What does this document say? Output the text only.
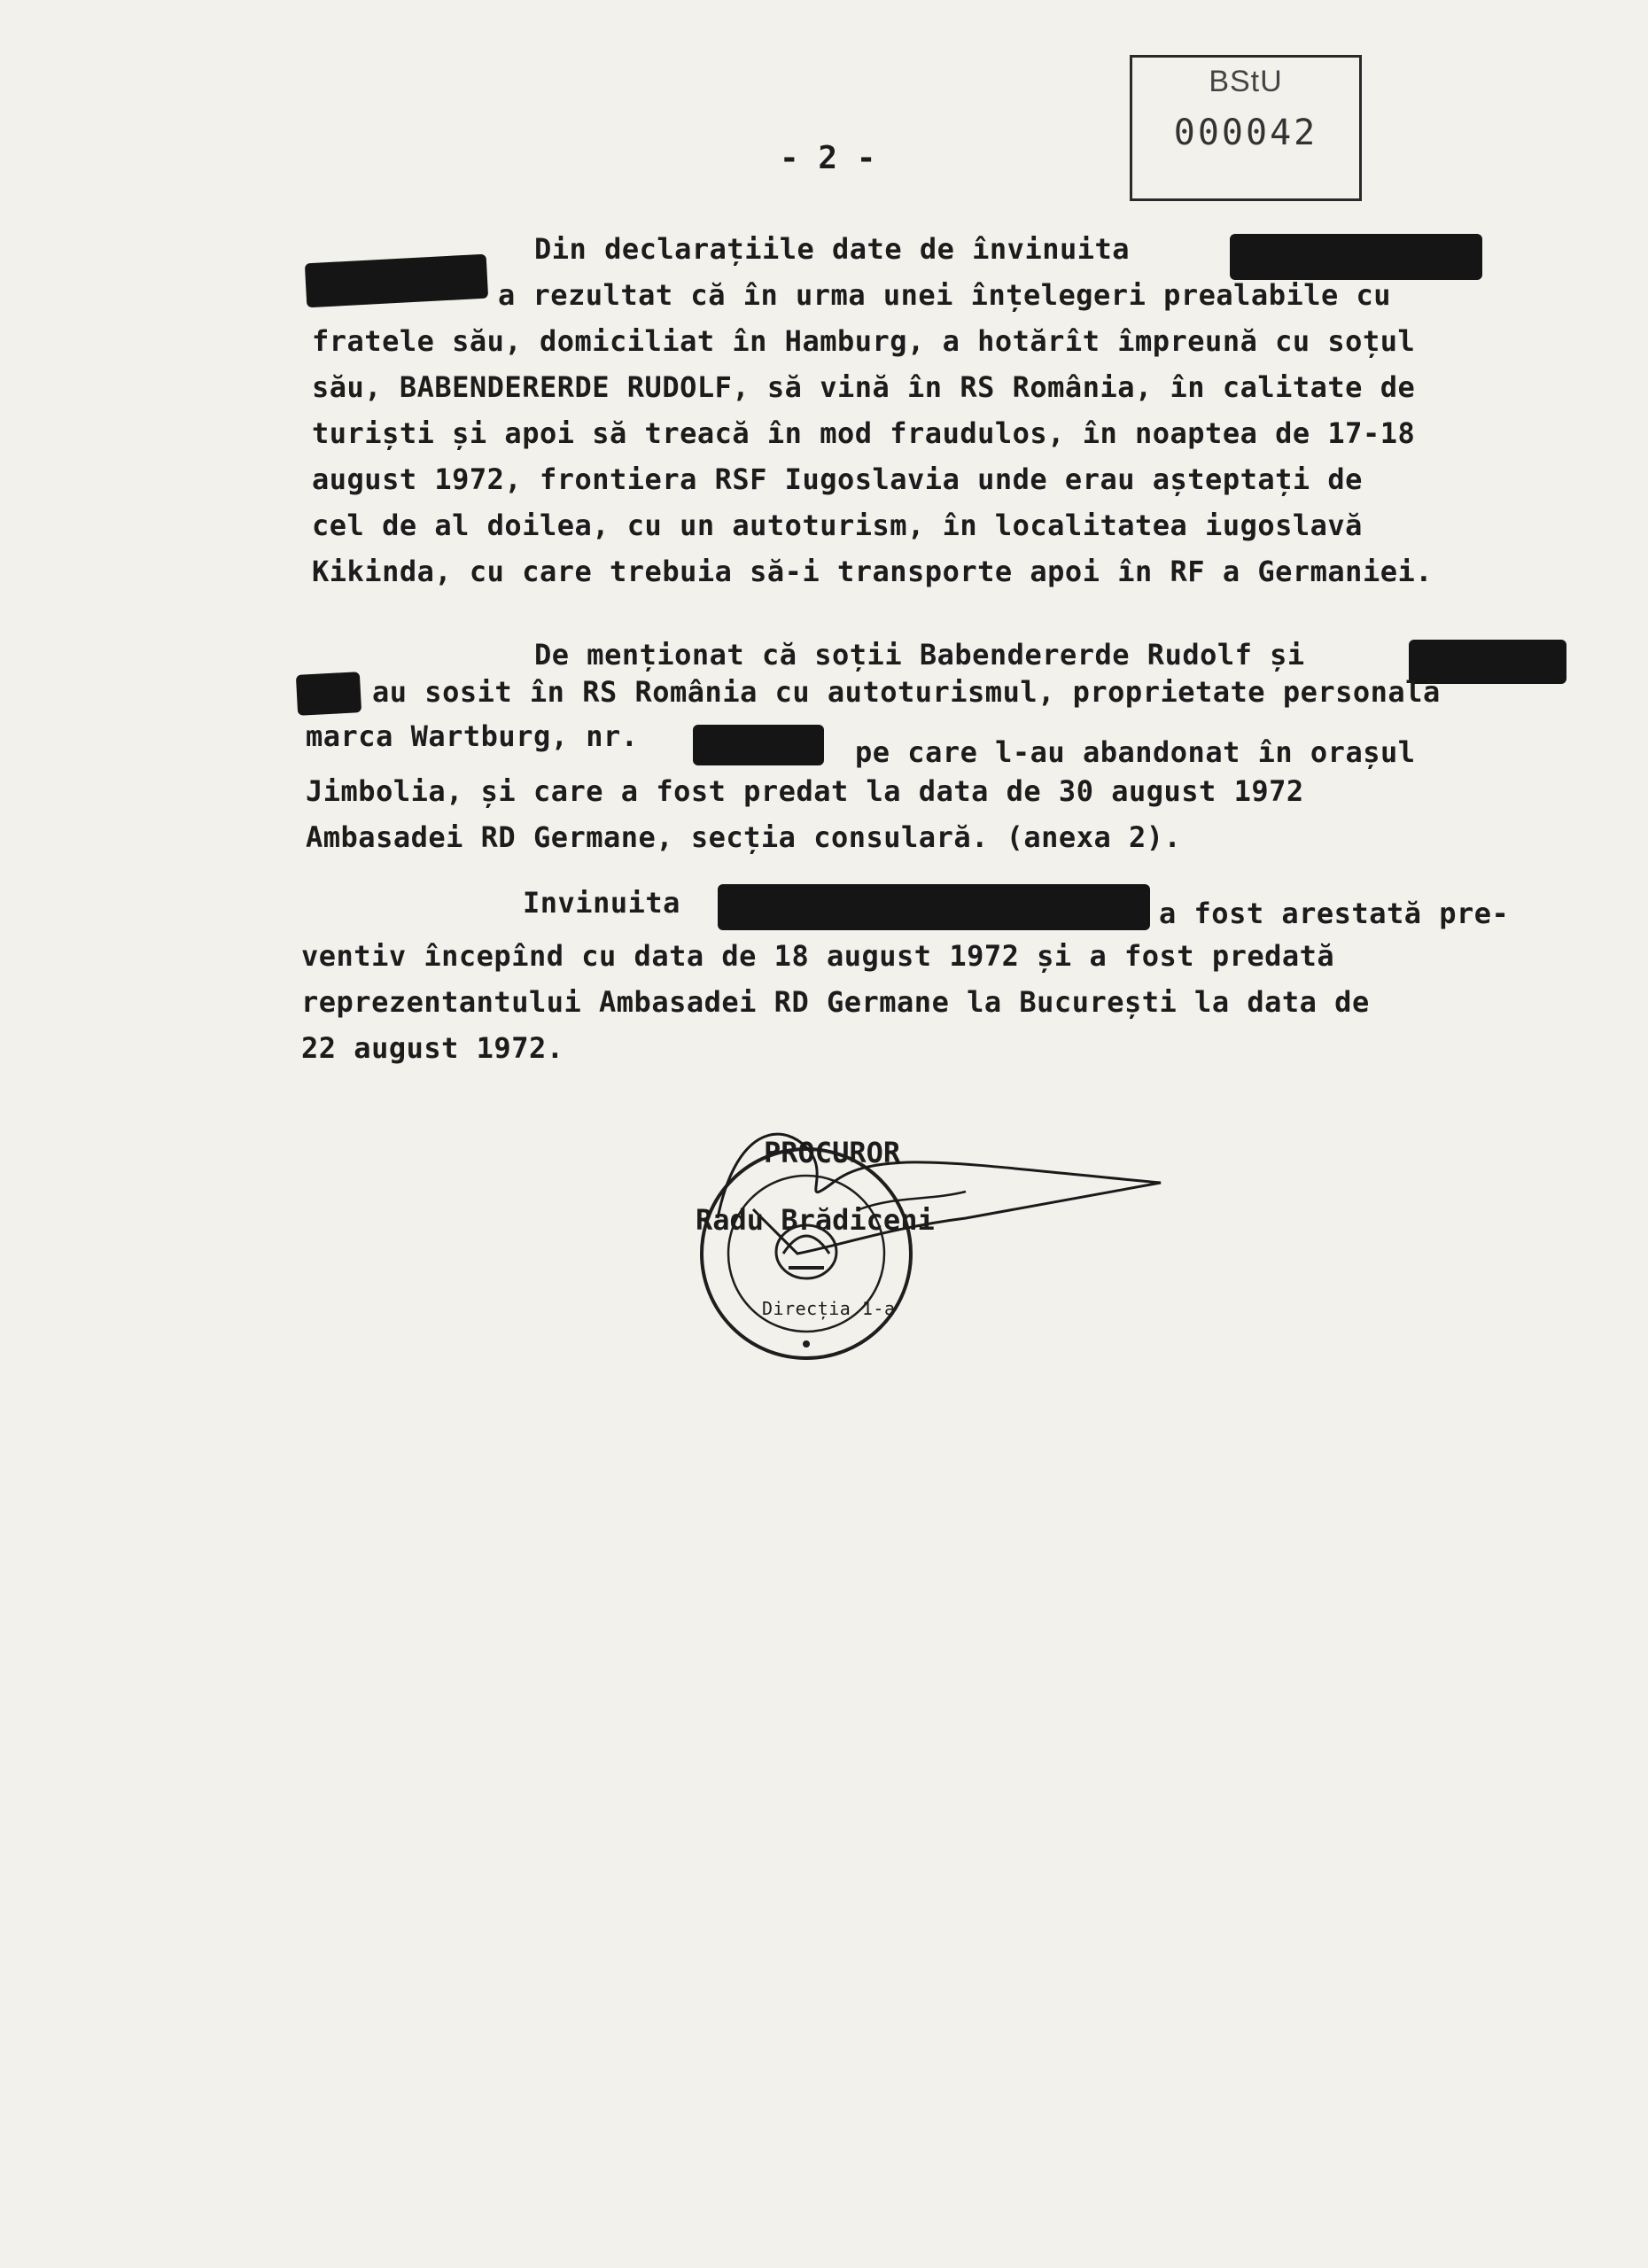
BStU
000042
- 2 -
Din declarațiile date de învinuita
a rezultat că în urma unei înțelegeri prealabile cu
fratele său, domiciliat în Hamburg, a hotărît împreună cu soțul
său, BABENDERERDE RUDOLF, să vină în RS România, în calitate de
turiști și apoi să treacă în mod fraudulos, în noaptea de 17-18
august 1972, frontiera RSF Iugoslavia unde erau așteptați de
cel de al doilea, cu un autoturism, în localitatea iugoslavă
Kikinda, cu care trebuia să-i transporte apoi în RF a Germaniei.
De menționat că soții Babendererde Rudolf și
au sosit în RS România cu autoturismul, proprietate personală
marca Wartburg, nr.	pe care l-au abandonat în orașul
Jimbolia, și care a fost predat la data de 30 august 1972
Ambasadei RD Germane, secția consulară. (anexa 2).
Invinuita	a fost arestată pre-
ventiv începînd cu data de 18 august 1972 și a fost predată
reprezentantului Ambasadei RD Germane la București la data de
22 august 1972.
Direcția 1-a
PROCUROR
Radu Brădiceni
